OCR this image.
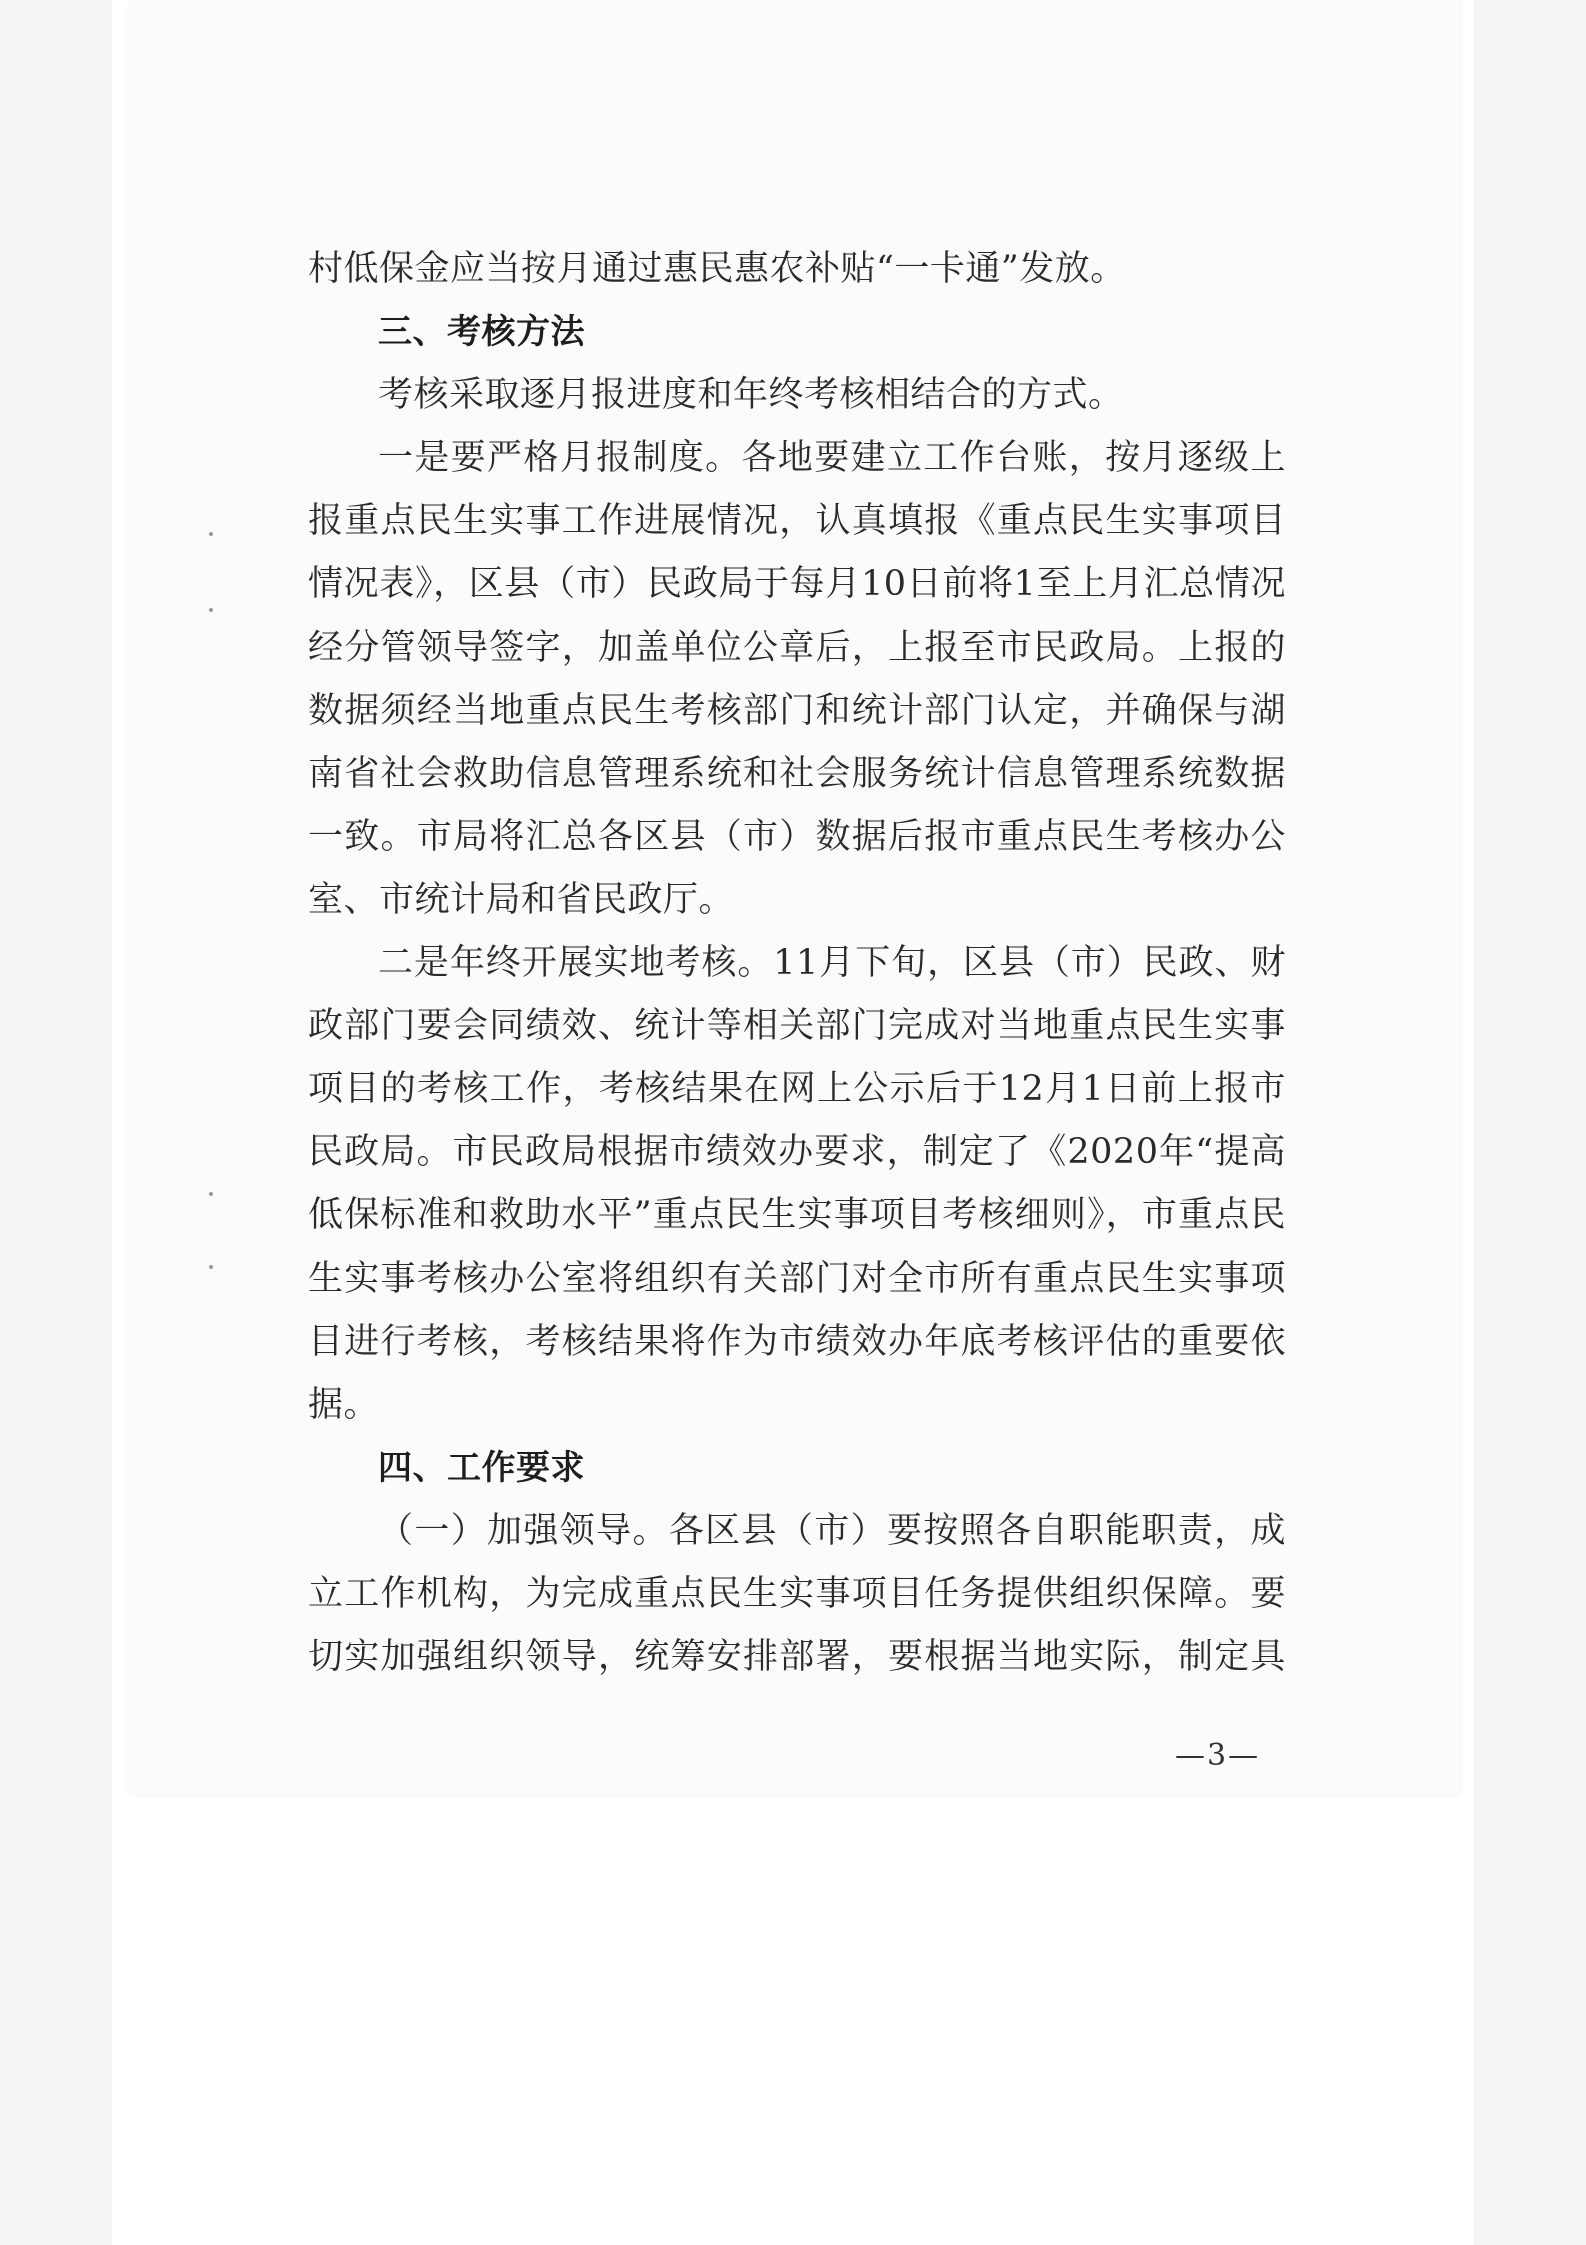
村低保金应当按月通过惠民惠农补贴“一卡通”发放。

三、考核方法

考核采取逐月报进度和年终考核相结合的方式。

一是要严格月报制度。各地要建立工作台账，按月逐级上报重点民生实事工作进展情况，认真填报《重点民生实事项目情况表》，区县（市）民政局于每月10日前将1至上月汇总情况经分管领导签字，加盖单位公章后，上报至市民政局。上报的数据须经当地重点民生考核部门和统计部门认定，并确保与湖南省社会救助信息管理系统和社会服务统计信息管理系统数据一致。市局将汇总各区县（市）数据后报市重点民生考核办公室、市统计局和省民政厅。

二是年终开展实地考核。11月下旬，区县（市）民政、财政部门要会同绩效、统计等相关部门完成对当地重点民生实事项目的考核工作，考核结果在网上公示后于12月1日前上报市民政局。市民政局根据市绩效办要求，制定了《2020年“提高低保标准和救助水平”重点民生实事项目考核细则》，市重点民生实事考核办公室将组织有关部门对全市所有重点民生实事项目进行考核，考核结果将作为市绩效办年底考核评估的重要依据。

四、工作要求

（一）加强领导。各区县（市）要按照各自职能职责，成立工作机构，为完成重点民生实事项目任务提供组织保障。要切实加强组织领导，统筹安排部署，要根据当地实际，制定具

—3—
